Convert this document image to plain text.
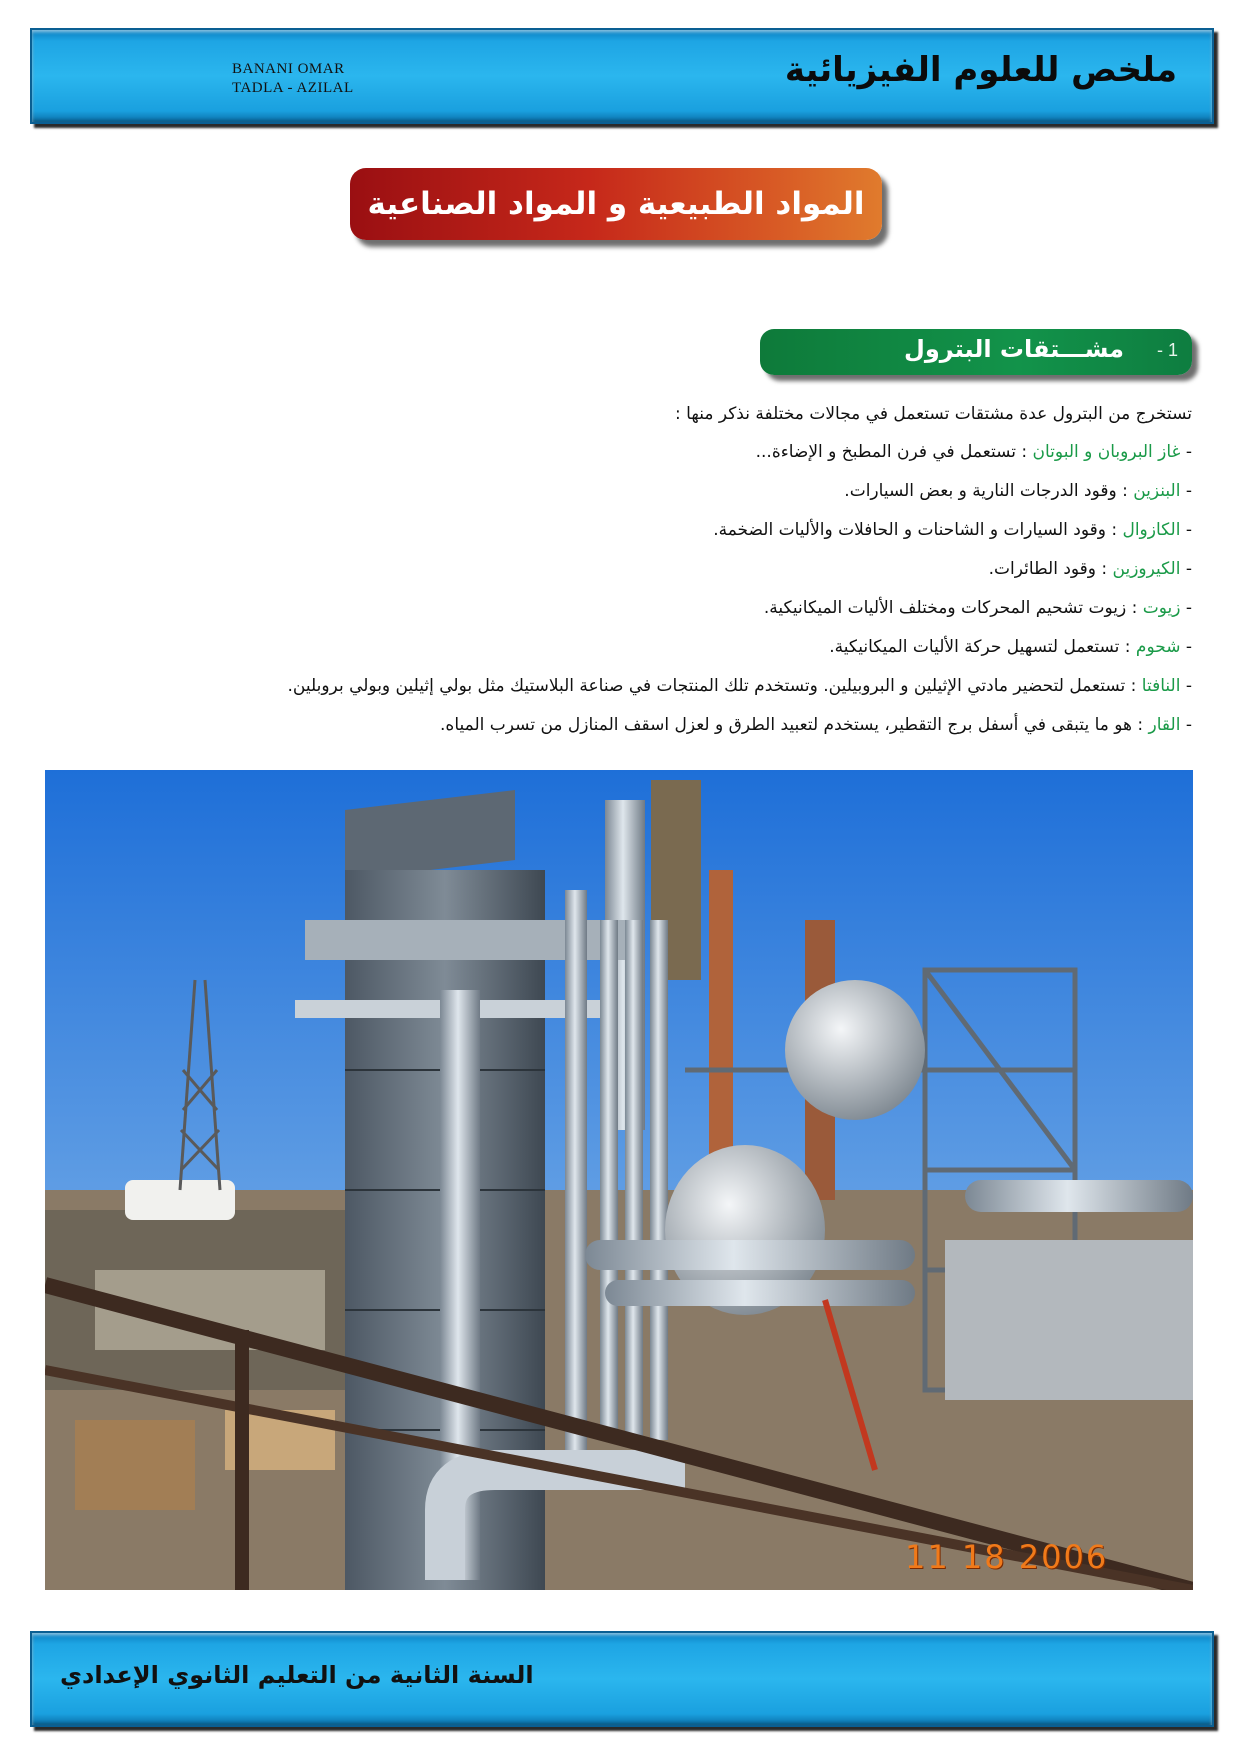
BANANI OMAR
TADLA - AZILAL	ملخص للعلوم الفيزيائية
المواد الطبيعية و المواد الصناعية
1 -
مشـــتقات البترول
تستخرج من البترول عدة مشتقات تستعمل في مجالات مختلفة نذكر منها :
- غاز البروبان و البوتان : تستعمل في فرن المطبخ و الإضاءة...
- البنزين : وقود الدرجات النارية و بعض السيارات.
- الكازوال : وقود السيارات و الشاحنات و الحافلات والأليات الضخمة.
- الكيروزين : وقود الطائرات.
- زيوت : زيوت تشحيم المحركات ومختلف الأليات الميكانيكية.
- شحوم : تستعمل لتسهيل حركة الأليات الميكانيكية.
- النافتا : تستعمل لتحضير مادتي الإثيلين و البروبيلين. وتستخدم تلك المنتجات في صناعة البلاستيك مثل بولي إثيلين وبولي بروبلين.
- القار : هو ما يتبقى في أسفل برج التقطير، يستخدم لتعبيد الطرق و لعزل اسقف المنازل من تسرب المياه.
11 18 2006
السنة الثانية من التعليم الثانوي الإعدادي
